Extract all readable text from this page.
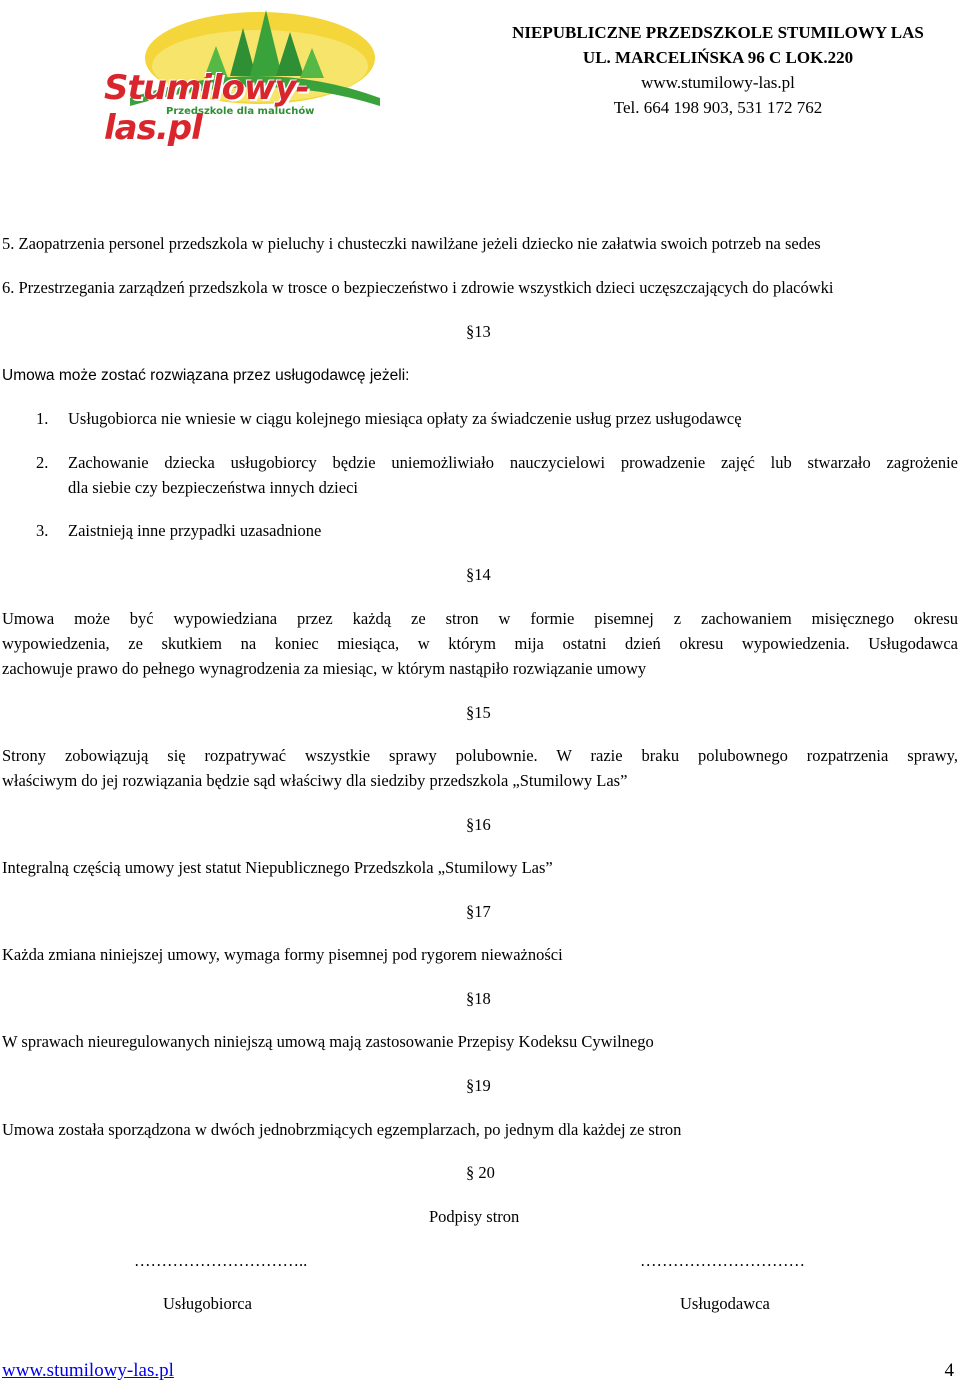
Stumilowy-las.pl
Przedszkole dla maluchów
NIEPUBLICZNE PRZEDSZKOLE STUMILOWY LAS
UL. MARCELIŃSKA 96 C LOK.220
www.stumilowy-las.pl
Tel. 664 198 903, 531 172 762
5. Zaopatrzenia personel przedszkola w pieluchy i chusteczki nawilżane jeżeli dziecko nie załatwia swoich potrzeb na sedes
6. Przestrzegania zarządzeń przedszkola w trosce o bezpieczeństwo i zdrowie wszystkich dzieci uczęszczających do placówki
§13
Umowa może zostać rozwiązana przez usługodawcę jeżeli:
1. Usługobiorca nie wniesie w ciągu kolejnego miesiąca opłaty za świadczenie usług przez usługodawcę
2. Zachowanie dziecka usługobiorcy będzie uniemożliwiało nauczycielowi prowadzenie zajęć lub stwarzało zagrożenie
dla siebie czy bezpieczeństwa innych dzieci
3. Zaistnieją inne przypadki uzasadnione
§14
Umowa może być wypowiedziana przez każdą ze stron w formie pisemnej z zachowaniem misięcznego okresu
wypowiedzenia, ze skutkiem na koniec miesiąca, w którym mija ostatni dzień okresu wypowiedzenia. Usługodawca
zachowuje prawo do pełnego wynagrodzenia za miesiąc, w którym nastąpiło rozwiązanie umowy
§15
Strony zobowiązują się rozpatrywać wszystkie sprawy polubownie. W razie braku polubownego rozpatrzenia sprawy,
właściwym do jej rozwiązania będzie sąd właściwy dla siedziby przedszkola „Stumilowy Las”
§16
Integralną częścią umowy jest statut Niepublicznego Przedszkola „Stumilowy Las”
§17
Każda zmiana niniejszej umowy, wymaga formy pisemnej pod rygorem nieważności
§18
W sprawach nieuregulowanych niniejszą umową mają zastosowanie Przepisy Kodeksu Cywilnego
§19
Umowa została sporządzona w dwóch jednobrzmiących egzemplarzach, po jednym dla każdej ze stron
§ 20
Podpisy stron
…………………………..	…………………………
Usługobiorca	Usługodawca
www.stumilowy-las.pl	4
